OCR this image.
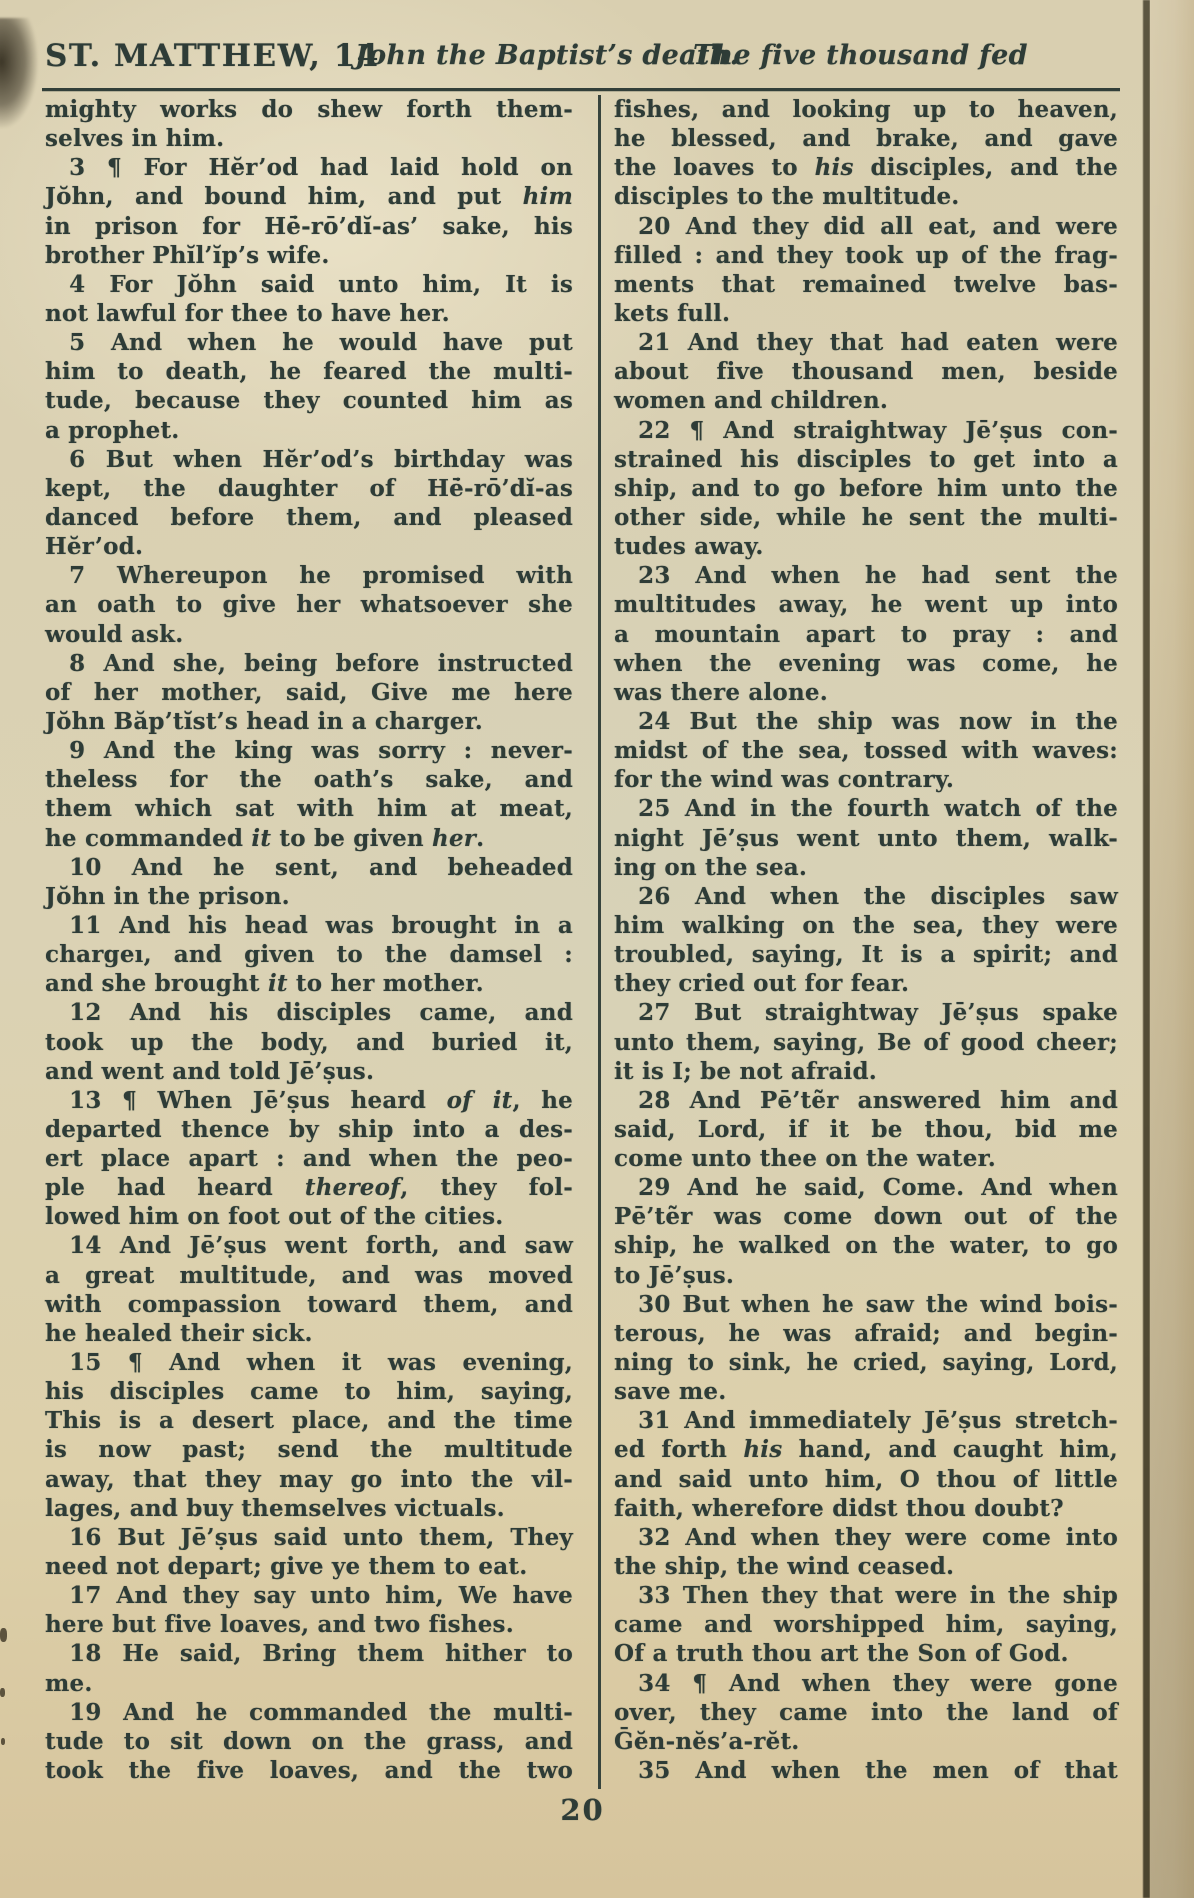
ST. MATTHEW, 14
John the Baptist’s death.
The five thousand fed
mighty works do shew forth them-
selves in him.
3 ¶ For Hĕr’od had laid hold on
Jŏhn, and bound him, and put him
in prison for Hē̇-rō’dĭ-as’ sake, his
brother Phĭl’ĭp’s wife.
4 For Jŏhn said unto him, It is
not lawful for thee to have her.
5 And when he would have put
him to death, he feared the multi-
tude, because they counted him as
a prophet.
6 But when Hĕr’od’s birthday was
kept, the daughter of Hē̇-rō’dĭ-as
danced before them, and pleased
Hĕr’od.
7 Whereupon he promised with
an oath to give her whatsoever she
would ask.
8 And she, being before instructed
of her mother, said, Give me here
Jŏhn Băp’tĭst’s head in a charger.
9 And the king was sorry : never-
theless for the oath’s sake, and
them which sat with him at meat,
he commanded it to be given her.
10 And he sent, and beheaded
Jŏhn in the prison.
11 And his head was brought in a
chargeı, and given to the damsel :
and she brought it to her mother.
12 And his disciples came, and
took up the body, and buried it,
and went and told Jē’ṣus.
13 ¶ When Jē’ṣus heard of it, he
departed thence by ship into a des-
ert place apart : and when the peo-
ple had heard thereof, they fol-
lowed him on foot out of the cities.
14 And Jē’ṣus went forth, and saw
a great multitude, and was moved
with compassion toward them, and
he healed their sick.
15 ¶ And when it was evening,
his disciples came to him, saying,
This is a desert place, and the time
is now past; send the multitude
away, that they may go into the vil-
lages, and buy themselves victuals.
16 But Jē’ṣus said unto them, They
need not depart; give ye them to eat.
17 And they say unto him, We have
here but five loaves, and two fishes.
18 He said, Bring them hither to
me.
19 And he commanded the multi-
tude to sit down on the grass, and
took the five loaves, and the two
fishes, and looking up to heaven,
he blessed, and brake, and gave
the loaves to his disciples, and the
disciples to the multitude.
20 And they did all eat, and were
filled : and they took up of the frag-
ments that remained twelve bas-
kets full.
21 And they that had eaten were
about five thousand men, beside
women and children.
22 ¶ And straightway Jē’ṣus con-
strained his disciples to get into a
ship, and to go before him unto the
other side, while he sent the multi-
tudes away.
23 And when he had sent the
multitudes away, he went up into
a mountain apart to pray : and
when the evening was come, he
was there alone.
24 But the ship was now in the
midst of the sea, tossed with waves:
for the wind was contrary.
25 And in the fourth watch of the
night Jē’ṣus went unto them, walk-
ing on the sea.
26 And when the disciples saw
him walking on the sea, they were
troubled, saying, It is a spirit; and
they cried out for fear.
27 But straightway Jē’ṣus spake
unto them, saying, Be of good cheer;
it is I; be not afraid.
28 And Pē’tẽr answered him and
said, Lord, if it be thou, bid me
come unto thee on the water.
29 And he said, Come. And when
Pē’tẽr was come down out of the
ship, he walked on the water, to go
to Jē’ṣus.
30 But when he saw the wind bois-
terous, he was afraid; and begin-
ning to sink, he cried, saying, Lord,
save me.
31 And immediately Jē’ṣus stretch-
ed forth his hand, and caught him,
and said unto him, O thou of little
faith, wherefore didst thou doubt?
32 And when they were come into
the ship, the wind ceased.
33 Then they that were in the ship
came and worshipped him, saying,
Of a truth thou art the Son of God.
34 ¶ And when they were gone
over, they came into the land of
Ḡĕn-nĕs’a-rĕt.
35 And when the men of that
20
